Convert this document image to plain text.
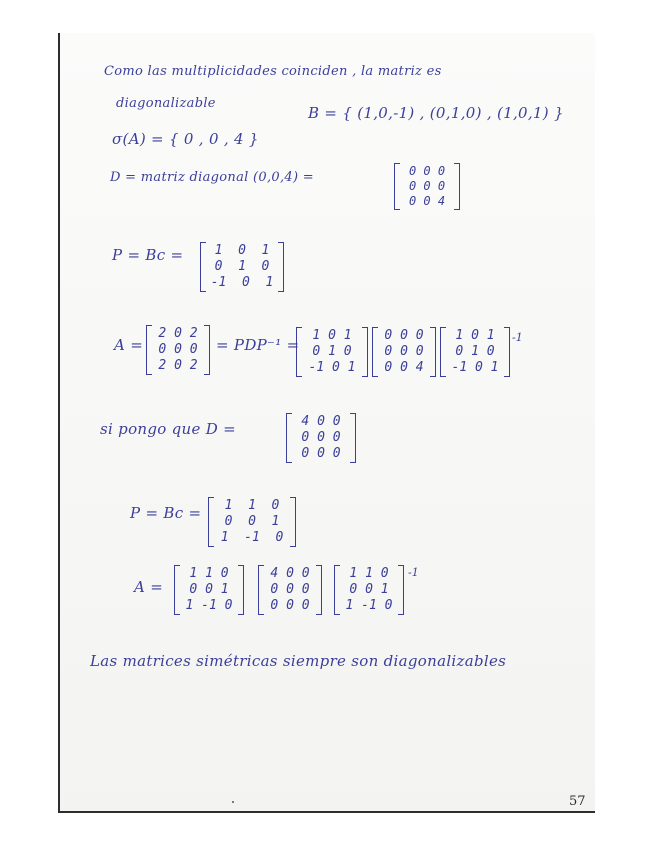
Como las multiplicidades coinciden , la matriz es
diagonalizable
B = { (1,0,-1) , (0,1,0) , (1,0,1) }
σ(A) = { 0 , 0 , 4 }
D = matriz diagonal (0,0,4) =	0 0 0
0 0 0
0 0 4
P = Bc =	1  0  1
0  1  0
-1  0  1
A =
2 0 2
0 0 0
2 0 2
= PDP⁻¹ =
1 0 1
0 1 0
-1 0 1
0 0 0
0 0 0
0 0 4
1 0 1
0 1 0
-1 0 1
-1
si pongo que D =	4 0 0
0 0 0
0 0 0
P = Bc =	1  1  0
0  0  1
1  -1  0
A =
1 1 0
0 0 1
1 -1 0
4 0 0
0 0 0
0 0 0
1 1 0
0 0 1
1 -1 0
-1
Las matrices simétricas siempre son diagonalizables
57
